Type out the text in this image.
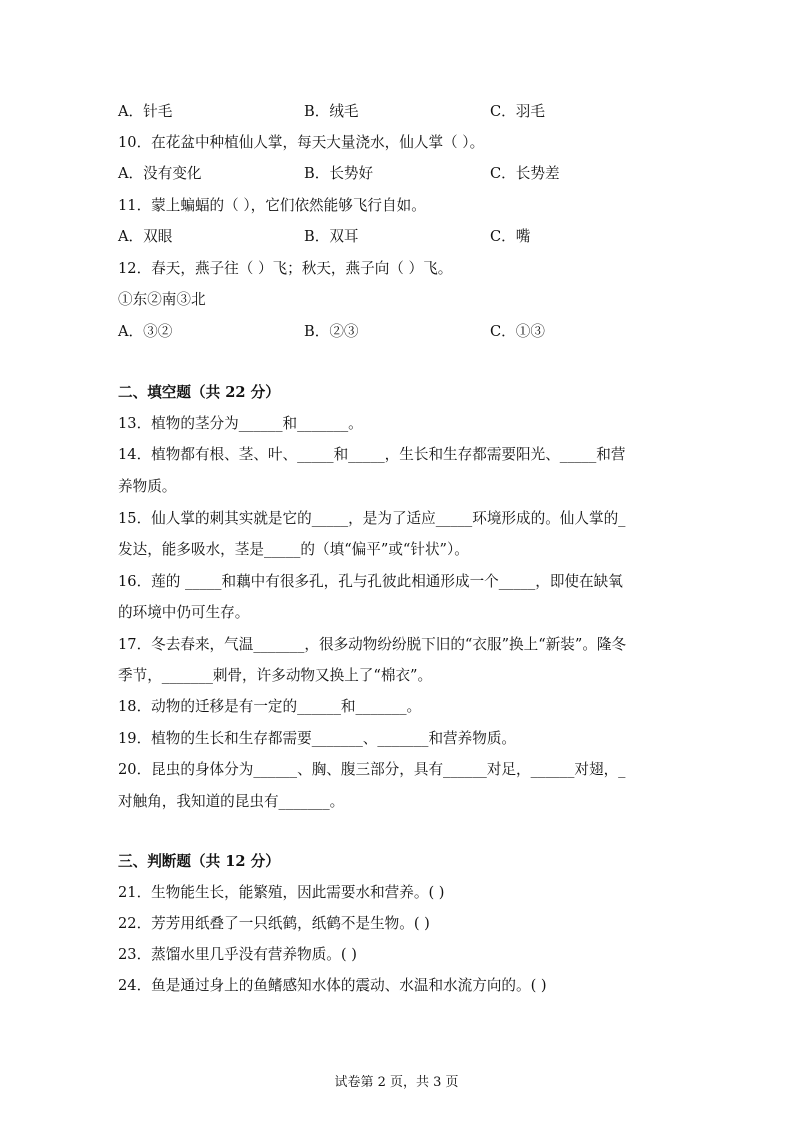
A．针毛	B．绒毛	C．羽毛
10．在花盆中种植仙人掌，每天大量浇水，仙人掌（ ）。
A．没有变化	B．长势好	C．长势差
11．蒙上蝙蝠的（ ），它们依然能够飞行自如。
A．双眼	B．双耳	C．嘴
12．春天，燕子往（ ）飞；秋天，燕子向（ ）飞。
①东②南③北
A．③②	B．②③	C．①③
二、填空题（共 22 分）
13．植物的茎分为______和_______。
14．植物都有根、茎、叶、_____和_____，生长和生存都需要阳光、_____和营
养物质。
15．仙人掌的刺其实就是它的_____，是为了适应_____环境形成的。仙人掌的_
发达，能多吸水，茎是_____的（填“偏平”或“针状”）。
16．莲的 _____和藕中有很多孔，孔与孔彼此相通形成一个_____，即使在缺氧
的环境中仍可生存。
17．冬去春来，气温_______，很多动物纷纷脱下旧的“衣服”换上“新装”。隆冬
季节，_______刺骨，许多动物又换上了“棉衣”。
18．动物的迁移是有一定的______和_______。
19．植物的生长和生存都需要_______、_______和营养物质。
20．昆虫的身体分为______、胸、腹三部分，具有______对足，______对翅，_
对触角，我知道的昆虫有_______。
三、判断题（共 12 分）
21．生物能生长，能繁殖，因此需要水和营养。( )
22．芳芳用纸叠了一只纸鹤，纸鹤不是生物。( )
23．蒸馏水里几乎没有营养物质。( )
24．鱼是通过身上的鱼鳍感知水体的震动、水温和水流方向的。( )
试卷第 2 页，共 3 页
